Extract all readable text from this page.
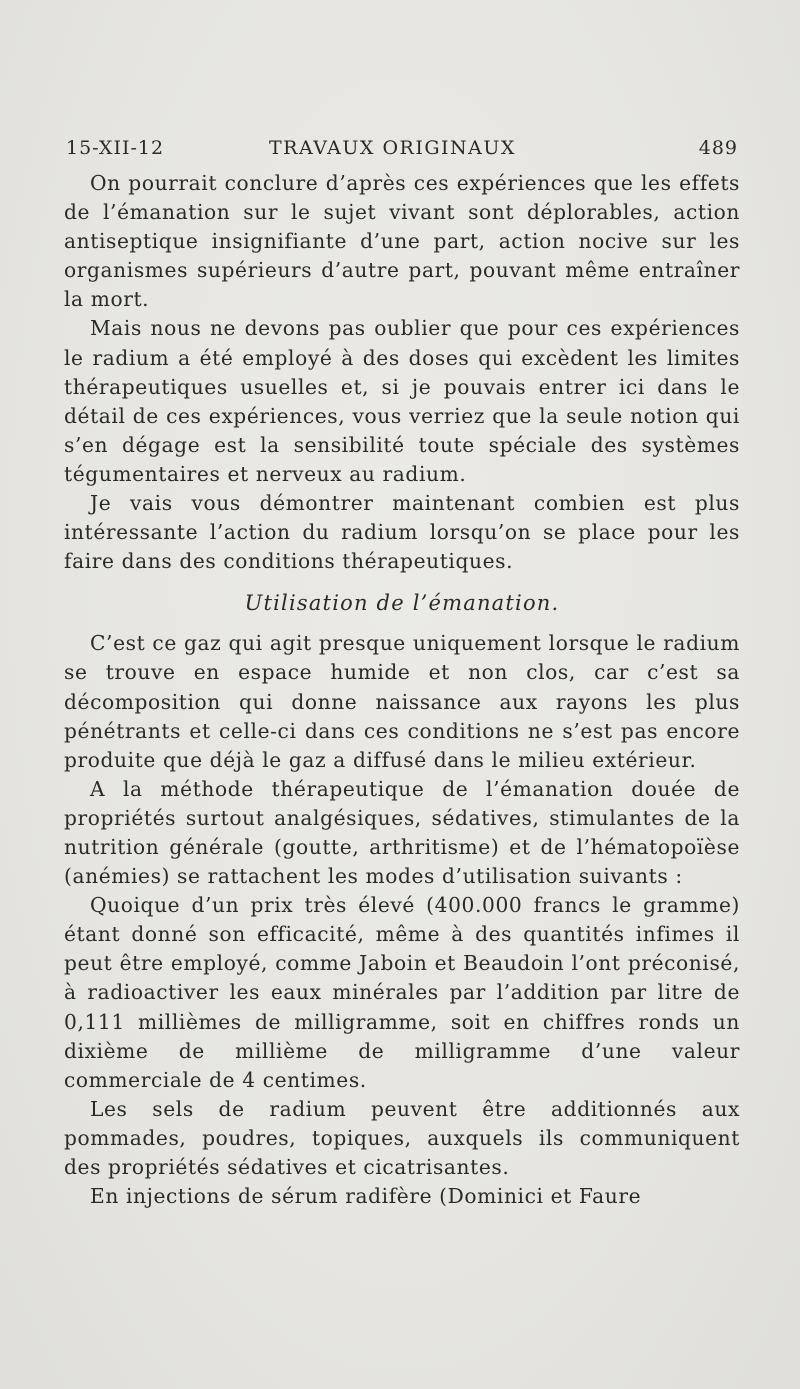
15-XII-12	TRAVAUX ORIGINAUX	489

On pourrait conclure d’après ces expériences que les effets de l’émanation sur le sujet vivant sont déplorables, action antiseptique insignifiante d’une part, action nocive sur les organismes supérieurs d’autre part, pouvant même entraîner la mort.

Mais nous ne devons pas oublier que pour ces expériences le radium a été employé à des doses qui excèdent les limites thérapeutiques usuelles et, si je pouvais entrer ici dans le détail de ces expériences, vous verriez que la seule notion qui s’en dégage est la sensibilité toute spéciale des systèmes tégumentaires et nerveux au radium.

Je vais vous démontrer maintenant combien est plus intéressante l’action du radium lorsqu’on se place pour les faire dans des conditions thérapeutiques.

Utilisation de l’émanation.

C’est ce gaz qui agit presque uniquement lorsque le radium se trouve en espace humide et non clos, car c’est sa décomposition qui donne naissance aux rayons les plus pénétrants et celle-ci dans ces conditions ne s’est pas encore produite que déjà le gaz a diffusé dans le milieu extérieur.

A la méthode thérapeutique de l’émanation douée de propriétés surtout analgésiques, sédatives, stimulantes de la nutrition générale (goutte, arthritisme) et de l’hématopoïèse (anémies) se rattachent les modes d’utilisation suivants :

Quoique d’un prix très élevé (400.000 francs le gramme) étant donné son efficacité, même à des quantités infimes il peut être employé, comme Jaboin et Beaudoin l’ont préconisé, à radioactiver les eaux minérales par l’addition par litre de 0,111 millièmes de milligramme, soit en chiffres ronds un dixième de millième de milligramme d’une valeur commerciale de 4 centimes.

Les sels de radium peuvent être additionnés aux pommades, poudres, topiques, auxquels ils communiquent des propriétés sédatives et cicatrisantes.

En injections de sérum radifère (Dominici et Faure
